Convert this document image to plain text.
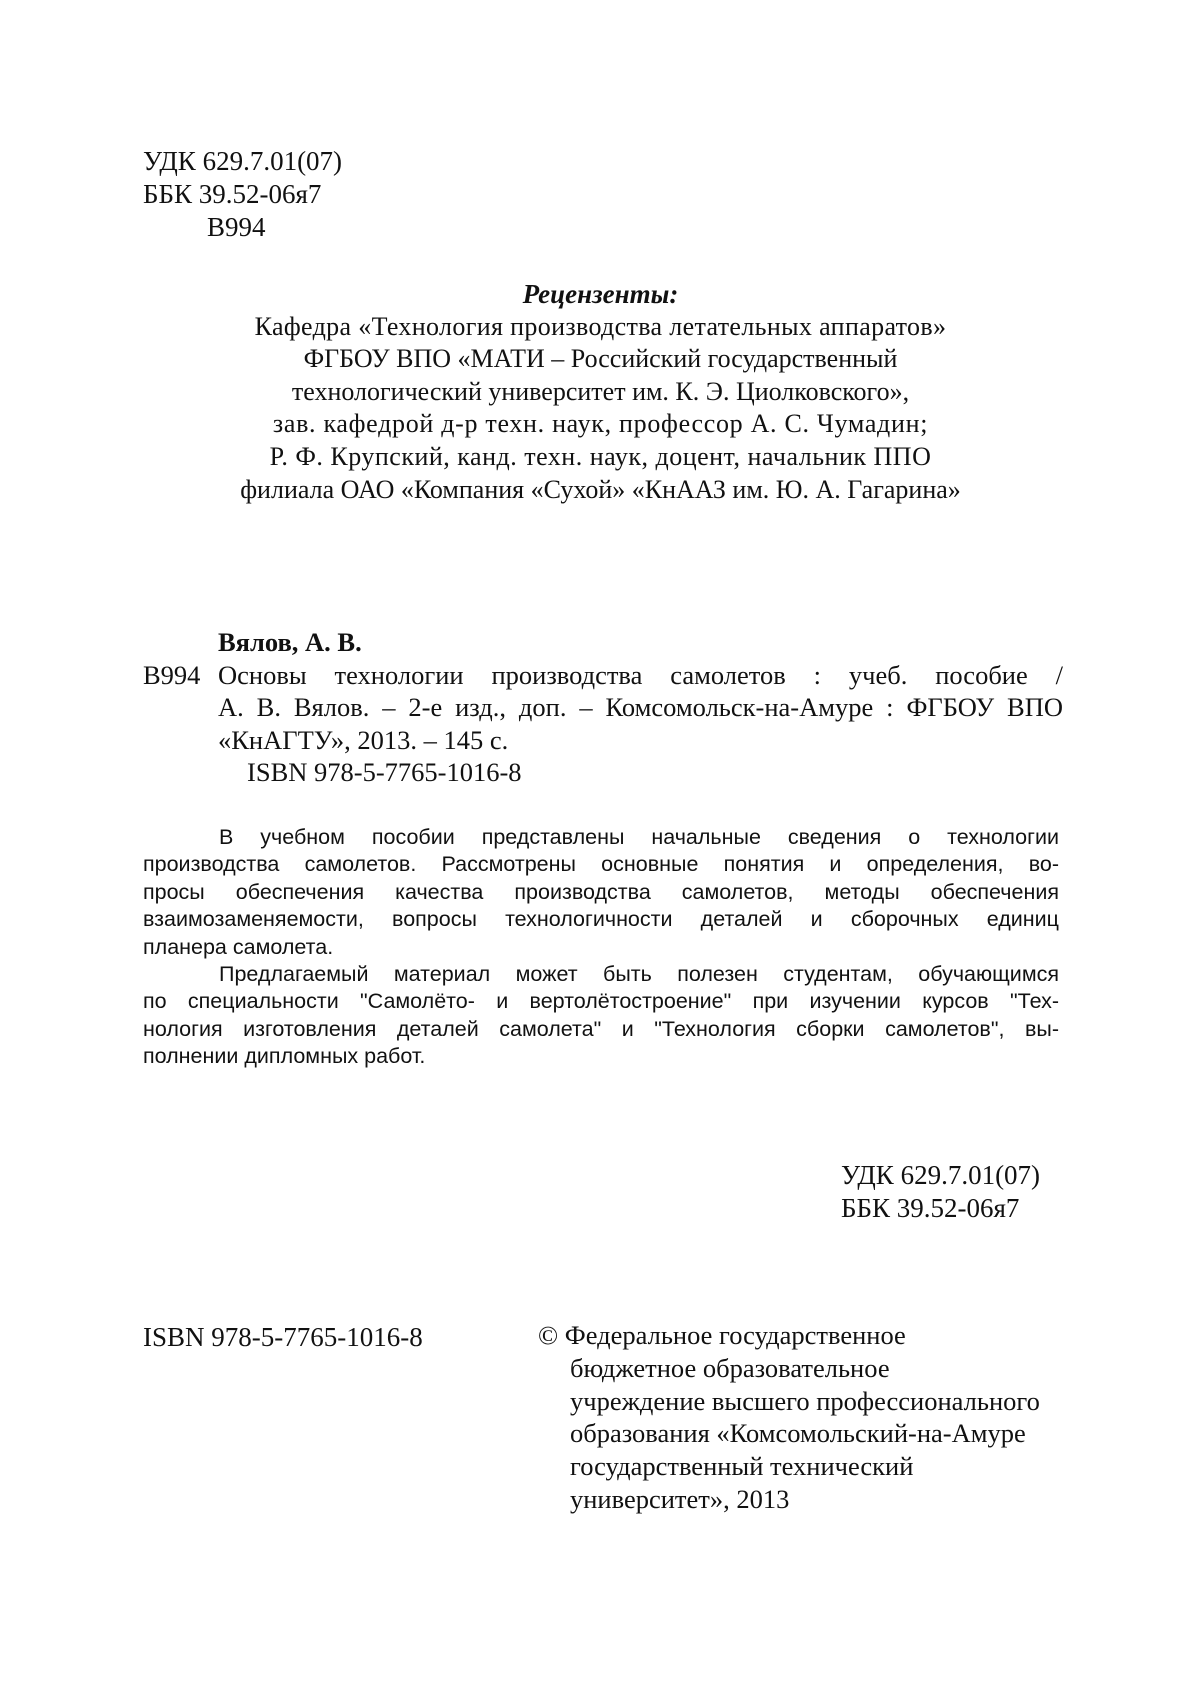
УДК 629.7.01(07)
ББК 39.52-06я7
В994
Рецензенты:
Кафедра «Технология производства летательных аппаратов»
ФГБОУ ВПО «МАТИ – Российский государственный
технологический университет им. К. Э. Циолковского»,
зав. кафедрой д-р техн. наук, профессор А. С. Чумадин;
Р. Ф. Крупский, канд. техн. наук, доцент, начальник ППО
филиала ОАО «Компания «Сухой» «КнААЗ им. Ю. А. Гагарина»
Вялов, А. В.
В994 Основы технологии производства самолетов : учеб. пособие /
А. В. Вялов. – 2-е изд., доп. – Комсомольск-на-Амуре : ФГБОУ ВПО
«КнАГТУ», 2013. – 145 с.
ISBN 978-5-7765-1016-8
В учебном пособии представлены начальные сведения о технологии
производства самолетов. Рассмотрены основные понятия и определения, во-
просы обеспечения качества производства самолетов, методы обеспечения
взаимозаменяемости, вопросы технологичности деталей и сборочных единиц
планера самолета.
Предлагаемый материал может быть полезен студентам, обучающимся
по специальности "Самолёто- и вертолётостроение" при изучении курсов "Тех-
нология изготовления деталей самолета" и "Технология сборки самолетов", вы-
полнении дипломных работ.
УДК 629.7.01(07)
ББК 39.52-06я7
ISBN 978-5-7765-1016-8	© Федеральное государственное
бюджетное образовательное
учреждение высшего профессионального
образования «Комсомольский-на-Амуре
государственный технический
университет», 2013
